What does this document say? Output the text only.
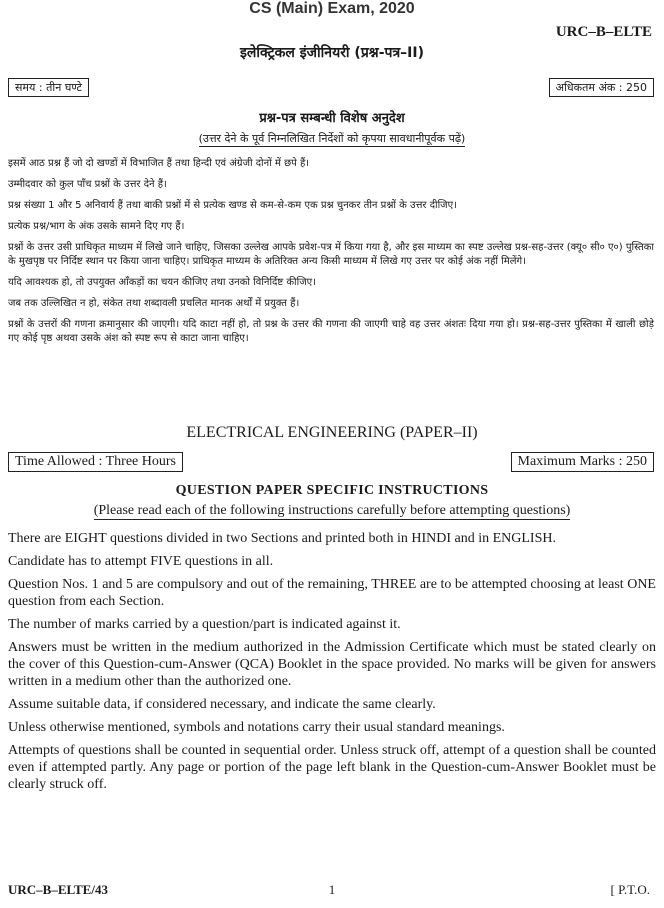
CS (Main) Exam, 2020
URC–B–ELTE
इलेक्ट्रिकल इंजीनियरी (प्रश्न-पत्र–II)
समय : तीन घण्टे	अधिकतम अंक : 250
प्रश्न-पत्र सम्बन्धी विशेष अनुदेश
(उत्तर देने के पूर्व निम्नलिखित निर्देशों को कृपया सावधानीपूर्वक पढ़ें)

इसमें आठ प्रश्न हैं जो दो खण्डों में विभाजित हैं तथा हिन्दी एवं अंग्रेजी दोनों में छपे हैं।

उम्मीदवार को कुल पाँच प्रश्नों के उत्तर देने हैं।

प्रश्न संख्या 1 और 5 अनिवार्य हैं तथा बाकी प्रश्नों में से प्रत्येक खण्ड से कम-से-कम एक प्रश्न चुनकर तीन प्रश्नों के उत्तर दीजिए।

प्रत्येक प्रश्न/भाग के अंक उसके सामने दिए गए हैं।

प्रश्नों के उत्तर उसी प्राधिकृत माध्यम में लिखे जाने चाहिए, जिसका उल्लेख आपके प्रवेश-पत्र में किया गया है, और इस माध्यम का स्पष्ट उल्लेख प्रश्न-सह-उत्तर (क्यू० सी० ए०) पुस्तिका के मुखपृष्ठ पर निर्दिष्ट स्थान पर किया जाना चाहिए। प्राधिकृत माध्यम के अतिरिक्त अन्य किसी माध्यम में लिखे गए उत्तर पर कोई अंक नहीं मिलेंगे।

यदि आवश्यक हो, तो उपयुक्त आँकड़ों का चयन कीजिए तथा उनको विनिर्दिष्ट कीजिए।

जब तक उल्लिखित न हो, संकेत तथा शब्दावली प्रचलित मानक अर्थों में प्रयुक्त हैं।

प्रश्नों के उत्तरों की गणना क्रमानुसार की जाएगी। यदि काटा नहीं हो, तो प्रश्न के उत्तर की गणना की जाएगी चाहे वह उत्तर अंशतः दिया गया हो। प्रश्न-सह-उत्तर पुस्तिका में खाली छोड़े गए कोई पृष्ठ अथवा उसके अंश को स्पष्ट रूप से काटा जाना चाहिए।

ELECTRICAL ENGINEERING (PAPER–II)
Time Allowed : Three Hours	Maximum Marks : 250
QUESTION PAPER SPECIFIC INSTRUCTIONS
(Please read each of the following instructions carefully before attempting questions)

There are EIGHT questions divided in two Sections and printed both in HINDI and in ENGLISH.

Candidate has to attempt FIVE questions in all.

Question Nos. 1 and 5 are compulsory and out of the remaining, THREE are to be attempted choosing at least ONE question from each Section.

The number of marks carried by a question/part is indicated against it.

Answers must be written in the medium authorized in the Admission Certificate which must be stated clearly on the cover of this Question-cum-Answer (QCA) Booklet in the space provided. No marks will be given for answers written in a medium other than the authorized one.

Assume suitable data, if considered necessary, and indicate the same clearly.

Unless otherwise mentioned, symbols and notations carry their usual standard meanings.

Attempts of questions shall be counted in sequential order. Unless struck off, attempt of a question shall be counted even if attempted partly. Any page or portion of the page left blank in the Question-cum-Answer Booklet must be clearly struck off.

URC–B–ELTE/43	1	[ P.T.O.
